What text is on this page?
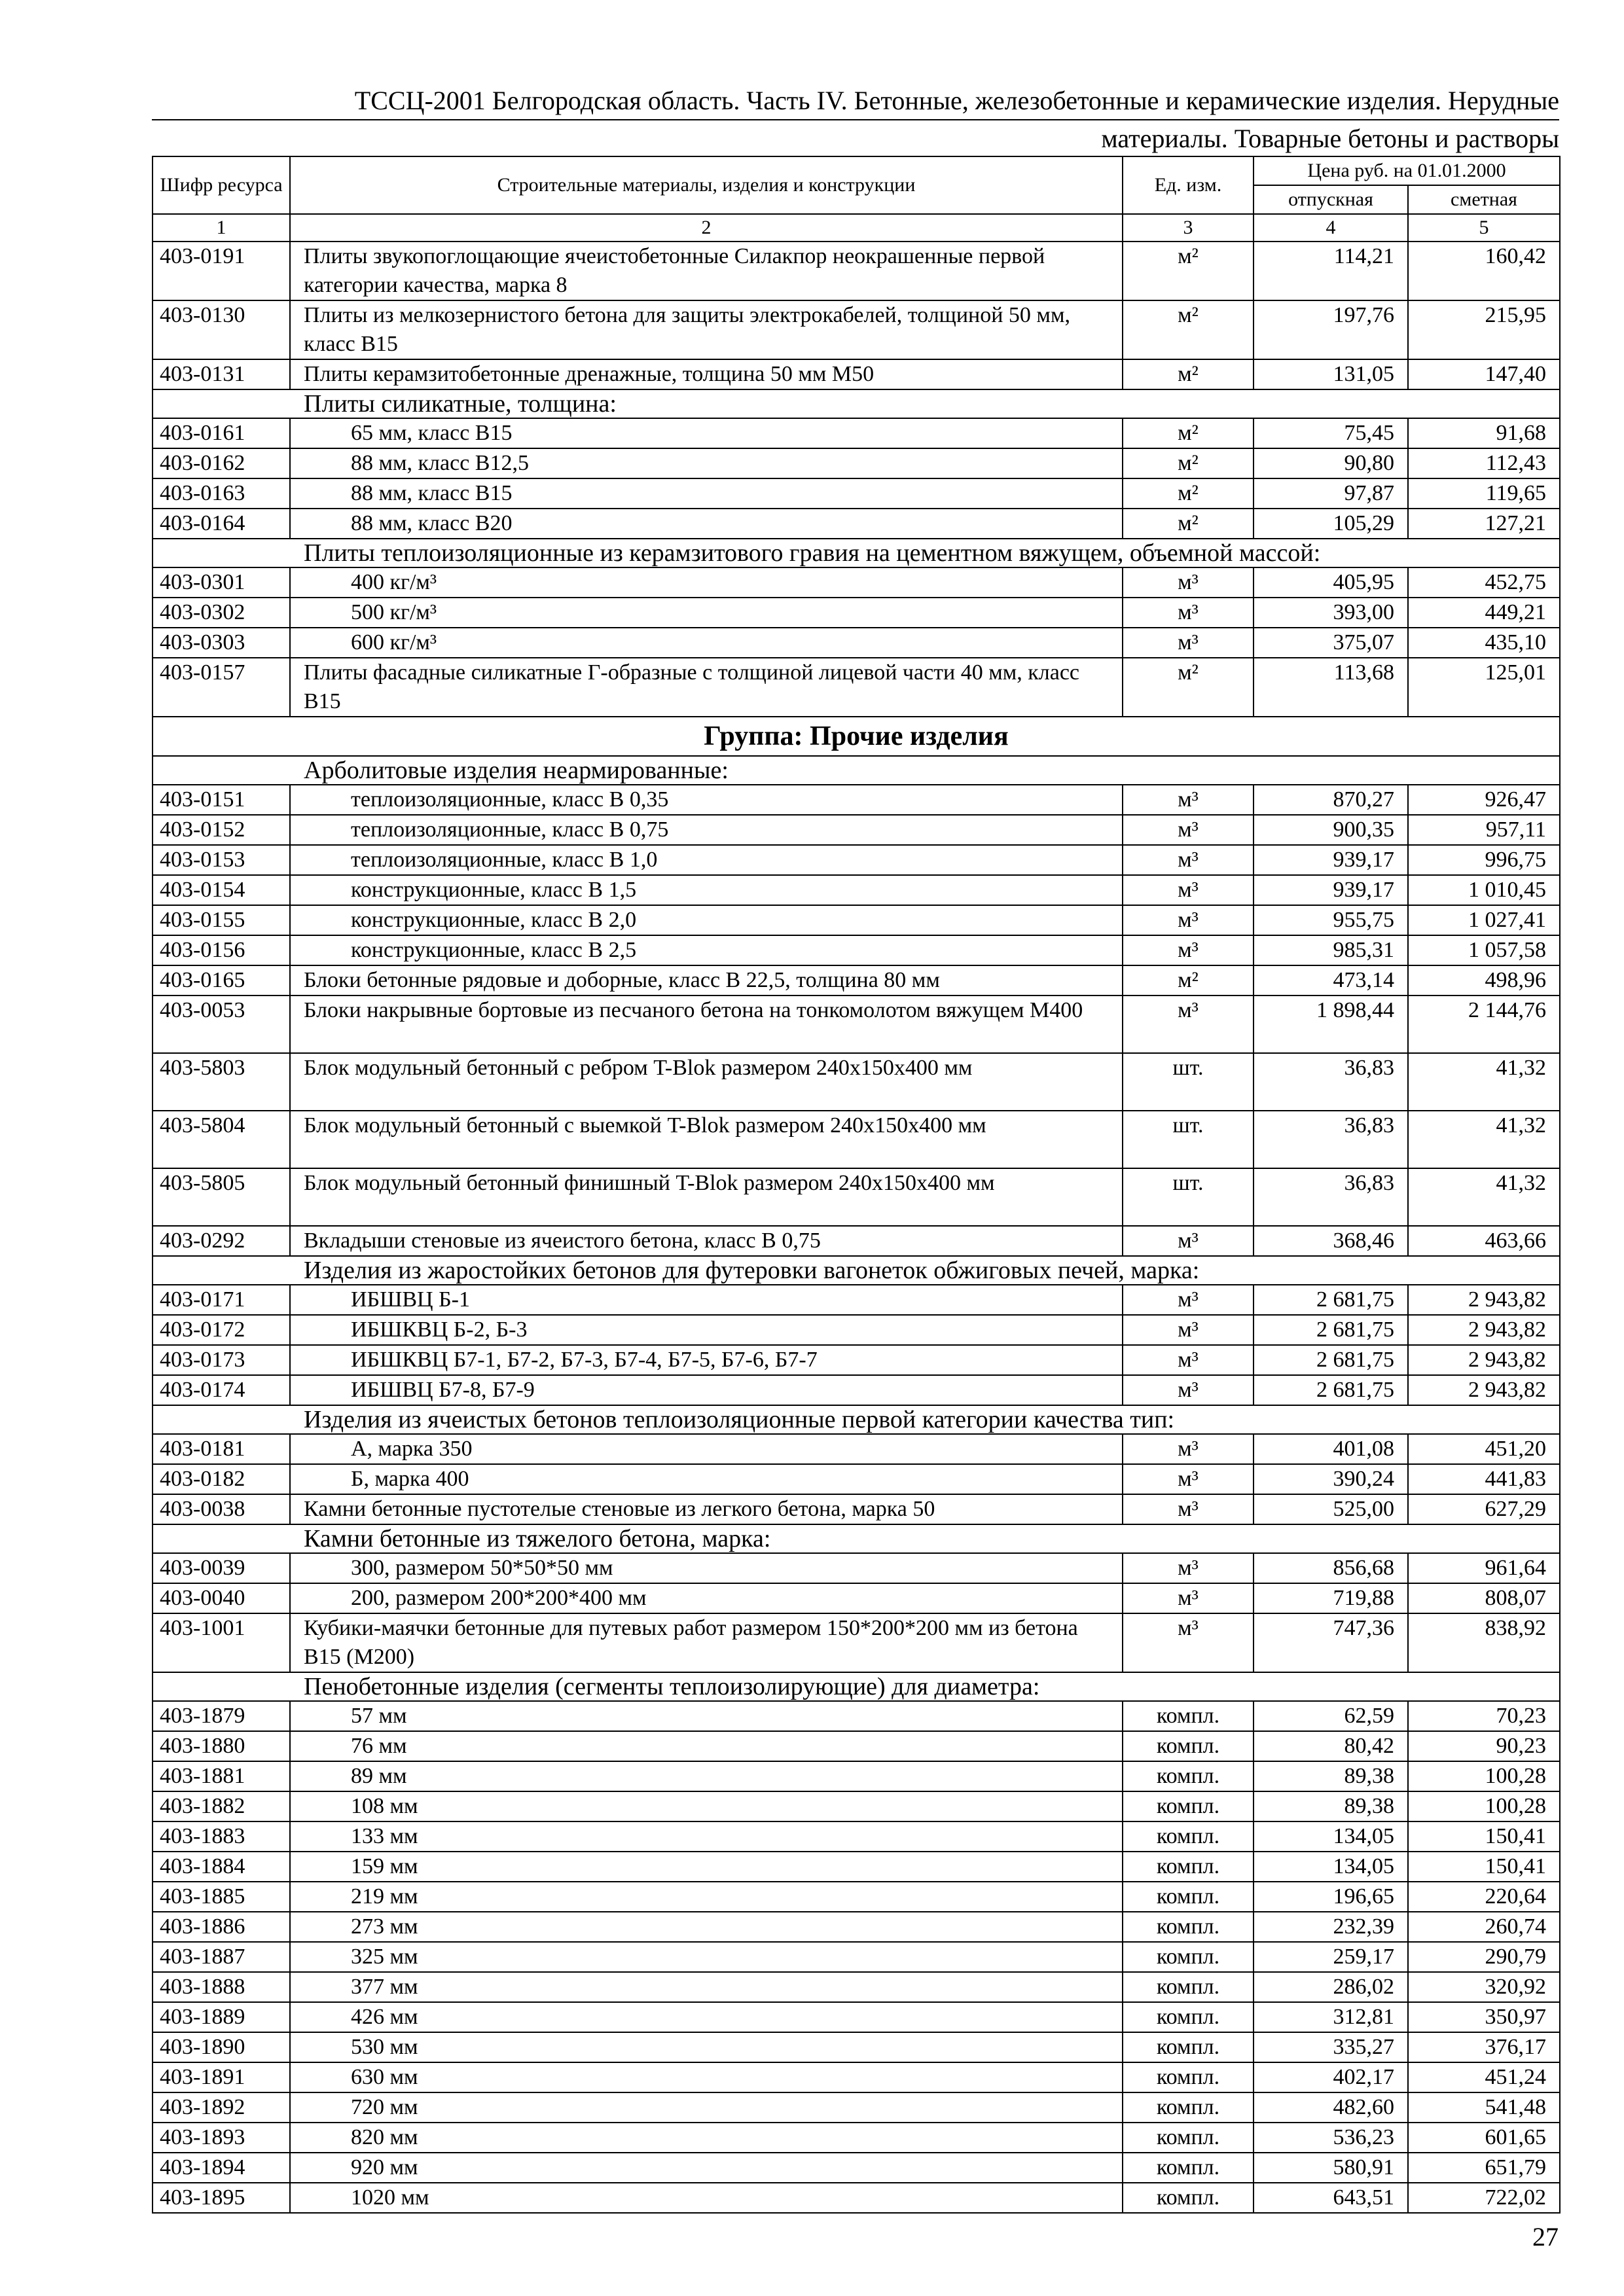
ТССЦ-2001 Белгородская область. Часть IV. Бетонные, железобетонные и керамические изделия. Нерудные
материалы. Товарные бетоны и растворы
Шифр ресурса	Строительные материалы, изделия и конструкции	Ед. изм.	Цена руб. на 01.01.2000	
			отпускная	сметная
1	2	3	4	5
403-0191	Плиты звукопоглощающие ячеистобетонные Силакпор неокрашенные первой категории качества, марка 8	м²	114,21	160,42
403-0130	Плиты из мелкозернистого бетона для защиты электрокабелей, толщиной 50 мм, класс В15	м²	197,76	215,95
403-0131	Плиты керамзитобетонные дренажные, толщина 50 мм М50	м²	131,05	147,40
Плиты силикатные, толщина:				
403-0161	65 мм, класс В15	м²	75,45	91,68
403-0162	88 мм, класс В12,5	м²	90,80	112,43
403-0163	88 мм, класс В15	м²	97,87	119,65
403-0164	88 мм, класс В20	м²	105,29	127,21
Плиты теплоизоляционные из керамзитового гравия на цементном вяжущем, объемной массой:				
403-0301	400 кг/м³	м³	405,95	452,75
403-0302	500 кг/м³	м³	393,00	449,21
403-0303	600 кг/м³	м³	375,07	435,10
403-0157	Плиты фасадные силикатные Г-образные с толщиной лицевой части 40 мм, класс В15	м²	113,68	125,01
Группа: Прочие изделия				
Арболитовые изделия неармированные:				
403-0151	теплоизоляционные, класс В 0,35	м³	870,27	926,47
403-0152	теплоизоляционные, класс В 0,75	м³	900,35	957,11
403-0153	теплоизоляционные, класс В 1,0	м³	939,17	996,75
403-0154	конструкционные, класс В 1,5	м³	939,17	1 010,45
403-0155	конструкционные, класс В 2,0	м³	955,75	1 027,41
403-0156	конструкционные, класс В 2,5	м³	985,31	1 057,58
403-0165	Блоки бетонные рядовые и доборные, класс В 22,5, толщина 80 мм	м²	473,14	498,96
403-0053	Блоки накрывные бортовые из песчаного бетона на тонкомолотом вяжущем М400	м³	1 898,44	2 144,76
403-5803	Блок модульный бетонный с ребром T-Blok размером 240x150x400 мм	шт.	36,83	41,32
403-5804	Блок модульный бетонный с выемкой T-Blok размером 240x150x400 мм	шт.	36,83	41,32
403-5805	Блок модульный бетонный финишный T-Blok размером 240x150x400 мм	шт.	36,83	41,32
403-0292	Вкладыши стеновые из ячеистого бетона, класс В 0,75	м³	368,46	463,66
Изделия из жаростойких бетонов для футеровки вагонеток обжиговых печей, марка:				
403-0171	ИБШВЦ Б-1	м³	2 681,75	2 943,82
403-0172	ИБШКВЦ Б-2, Б-3	м³	2 681,75	2 943,82
403-0173	ИБШКВЦ Б7-1, Б7-2, Б7-3, Б7-4, Б7-5, Б7-6, Б7-7	м³	2 681,75	2 943,82
403-0174	ИБШВЦ Б7-8, Б7-9	м³	2 681,75	2 943,82
Изделия из ячеистых бетонов теплоизоляционные первой категории качества тип:				
403-0181	А, марка 350	м³	401,08	451,20
403-0182	Б, марка 400	м³	390,24	441,83
403-0038	Камни бетонные пустотелые стеновые из легкого бетона, марка 50	м³	525,00	627,29
Камни бетонные из тяжелого бетона, марка:				
403-0039	300, размером 50*50*50 мм	м³	856,68	961,64
403-0040	200, размером 200*200*400 мм	м³	719,88	808,07
403-1001	Кубики-маячки бетонные для путевых работ размером 150*200*200 мм из бетона В15 (М200)	м³	747,36	838,92
Пенобетонные изделия (сегменты теплоизолирующие) для диаметра:				
403-1879	57 мм	компл.	62,59	70,23
403-1880	76 мм	компл.	80,42	90,23
403-1881	89 мм	компл.	89,38	100,28
403-1882	108 мм	компл.	89,38	100,28
403-1883	133 мм	компл.	134,05	150,41
403-1884	159 мм	компл.	134,05	150,41
403-1885	219 мм	компл.	196,65	220,64
403-1886	273 мм	компл.	232,39	260,74
403-1887	325 мм	компл.	259,17	290,79
403-1888	377 мм	компл.	286,02	320,92
403-1889	426 мм	компл.	312,81	350,97
403-1890	530 мм	компл.	335,27	376,17
403-1891	630 мм	компл.	402,17	451,24
403-1892	720 мм	компл.	482,60	541,48
403-1893	820 мм	компл.	536,23	601,65
403-1894	920 мм	компл.	580,91	651,79
403-1895	1020 мм	компл.	643,51	722,02
27
